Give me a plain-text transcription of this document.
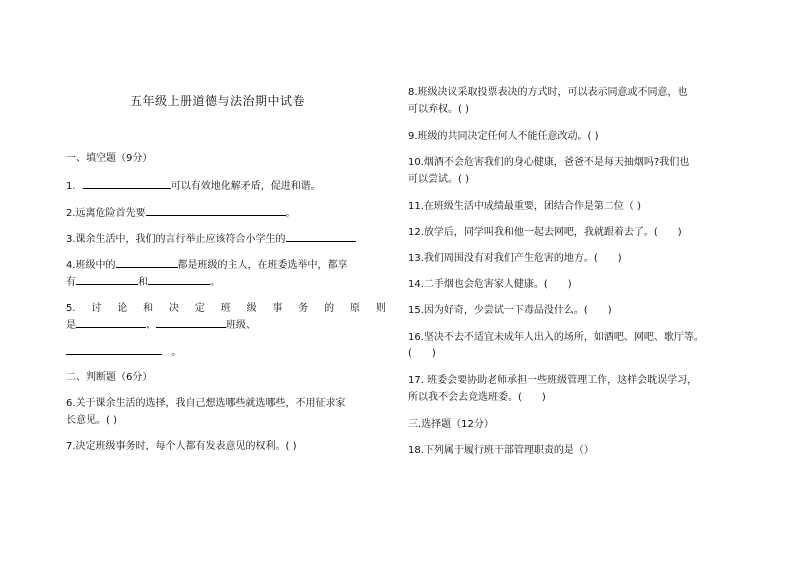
五年级上册道德与法治期中试卷
一、填空题（9分）
1.	可以有效地化解矛盾，促进和谐。
2.远离危险首先要	。
3.课余生活中，我们的言行举止应该符合小学生的
4.班级中的	都是班级的主人，在班委选举中，都享
有	和	。
5. 讨 论 和 决 定 班 级 事 务 的 原 则
是	、	班级、
。
二、判断题（6分）
6.关于课余生活的选择，我自己想选哪些就选哪些，不用征求家
长意见。( )
7.决定班级事务时，每个人都有发表意见的权利。( )
8.班级决议采取投票表决的方式时，可以表示同意或不同意，也
可以弃权。( )
9.班级的共同决定任何人不能任意改动。( )
10.烟酒不会危害我们的身心健康，爸爸不是每天抽烟吗?我们也
可以尝试。( )
11.在班级生活中成绩最重要，团结合作是第二位（ )
12.放学后，同学叫我和他一起去网吧，我就跟着去了。(　　)
13.我们周围没有对我们产生危害的地方。(　　)
14.二手烟也会危害家人健康。(　　)
15.因为好奇，少尝试一下毒品没什么。(　　)
16.坚决不去不适宜未成年人出入的场所，如酒吧、网吧、歌厅等。
(　　)
17. 班委会要协助老师承担一些班级管理工作，这样会耽误学习，
所以我不会去竞选班委。(　　)
三.选择题（12分）
18.下列属于履行班干部管理职责的是（）
